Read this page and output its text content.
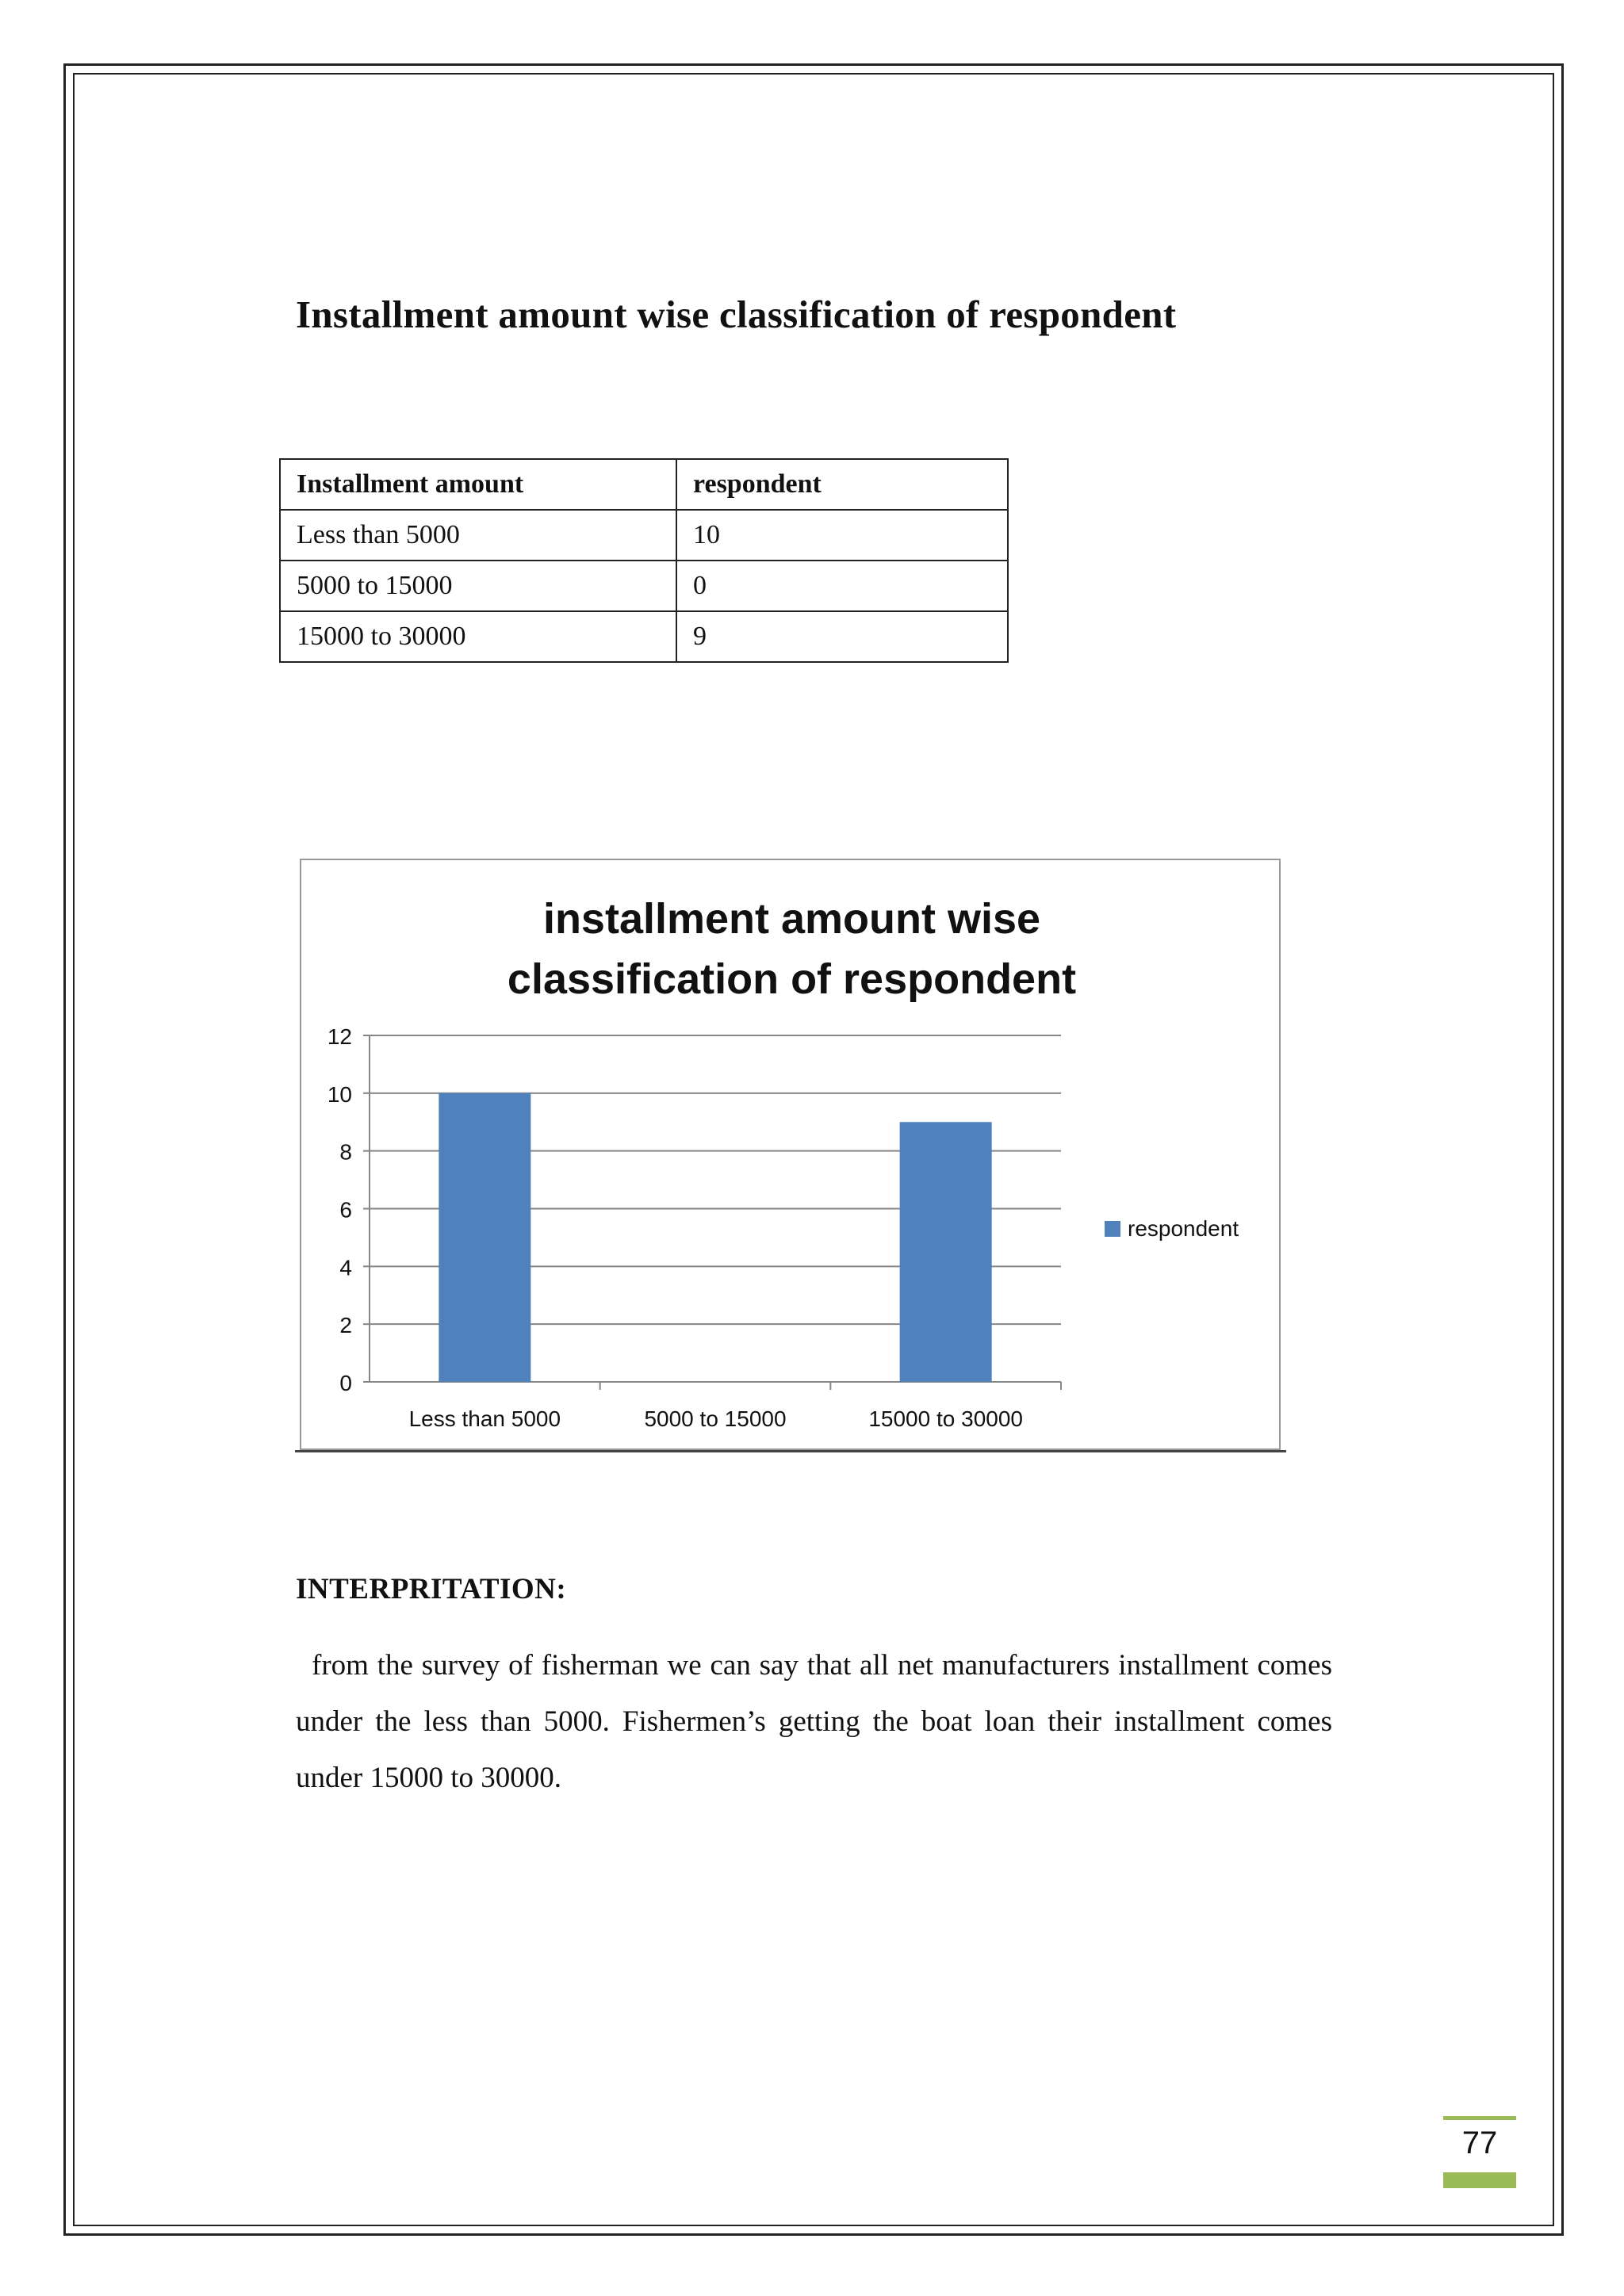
Installment amount wise classification of respondent
Installment amount	respondent
Less than 5000	10
5000 to 15000	0
15000 to 30000	9
installment amount wise
classification of respondent
0
2
4
6
8
10
12
Less than 5000	5000 to 15000	15000 to 30000
respondent
INTERPRITATION:

from the survey of fisherman we can say that all net manufacturers installment comes under the less than 5000. Fishermen’s getting the boat loan their installment comes under 15000 to 30000.

77
